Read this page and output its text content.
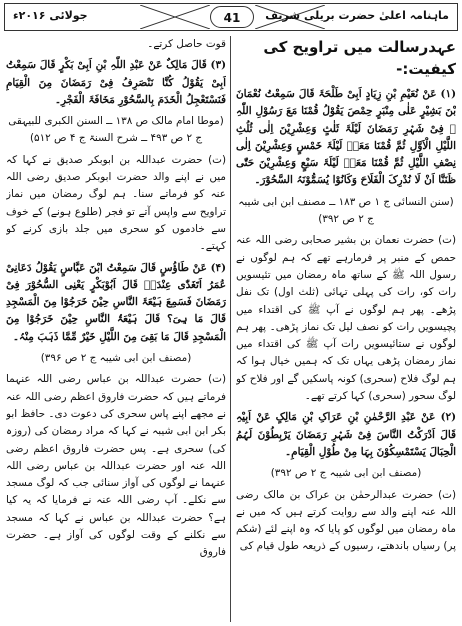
ماہنامہ اعلیٰ حضرت بریلی شریف
41
جولائی ۲۰۱۶ء
عہدرسالت میں تراویح کی کیفیت:-

(۱) عَنْ نُعَیْمِ بْنِ زِیَادٍ اَبِیْ طَلْحَۃَ قَالَ سَمِعْتُ نُعْمَانَ بْنَ بَشِیْرٍ عَلٰی مِنْبَرٍ حِمْصَ یَقُوْلُ قُمْنَا مَعَ رَسُوْلِ اللّٰہِ ﷺ فِیْ شَہْرِ رَمَضَانَ لَیْلَۃَ ثَلٰثٍ وَعِشْرِیْنَ اِلٰی ثُلُثِ اللَّیْلِ الْاَوَّلِ ثُمَّ قُمْنَا مَعَہٗ لَیْلَۃَ خَمْسٍ وَعِشْرِیْنَ اِلٰی نِصْفِ اللَّیْلِ ثُمَّ قُمْنَا مَعَہٗ لَیْلَۃَ سَبْعٍ وَعِشْرِیْنَ حَتّٰی ظَنَنَّا اَنْ لَا نُدْرِکَ الْفَلَاحَ وَکَانُوْا یُسَمُّوْنَہُ السَّحُوْرَ۔

(سنن النسائی ج ۱ ص ۱۸۳ ــ مصنف ابن ابی شیبہ ج ۲ ص ۳۹۲)

(ت) حضرت نعمان بن بشیر صحابی رضی اللہ عنہ حمص کے منبر پر فرمارہے تھے کہ ہم لوگوں نے رسول اللہ ﷺ کے ساتھ ماہ رمضان میں تئیسویں رات کو، رات کی پہلی تہائی (ثلث اول) تک نفل پڑھے۔ پھر ہم لوگوں نے آپ ﷺ کی اقتداء میں پچیسویں رات کو نصف لیل تک نماز پڑھی۔ پھر ہم لوگوں نے ستائیسویں رات آپ ﷺ کی اقتداء میں نماز رمضان پڑھی یہاں تک کہ ہمیں خیال ہوا کہ ہم لوگ فلاح (سحری) کونہ پاسکیں گے اور فلاح کو لوگ سحور (سحری) کہا کرتے تھے۔

(۲) عَنْ عَبْدِ الرَّحْمٰنِ بْنِ عَرَاکِ بْنِ مَالِکٍ عَنْ اَبِیْہِ قَالَ اَدْرَکْتُ النَّاسَ فِیْ شَہْرِ رَمَضَانَ یَرْبِطُوْنَ لَہُمُ الْحِبَالَ یَسْتَمْسِکُوْنَ بِہَا مِنْ طُوْلِ الْقِیَامِ۔

(مصنف ابن ابی شیبہ ج ۲ ص ۳۹۲)

(ت) حضرت عبدالرحمٰن بن عراک بن مالک رضی اللہ عنہ اپنے والد سے روایت کرتے ہیں کہ میں نے ماہ رمضان میں لوگوں کو پایا کہ وہ اپنے لئے (شکم پر) رسیاں باندھتے، رسیوں کے ذریعہ طول قیام کی

قوت حاصل کرتے۔

(۳) قَالَ مَالِکٌ عَنْ عَبْدِ اللّٰہِ بْنِ اَبِیْ بَکْرٍ قَالَ سَمِعْتُ اَبِیْ یَقُوْلُ کُنَّا نَنْصَرِفُ فِیْ رَمَضَانَ مِنَ الْقِیَامِ فَنَسْتَعْجِلُ الْخَدَمَ بِالسَّحُوْرِ مَخَافَۃَ الْفَجْرِ۔

(موطا امام مالک ص ۱۳۸ ــ السنن الکبری للبیہقی ج ۲ ص ۴۹۳ ــ شرح السنۃ ج ۴ ص ۵۱۲)

(ت) حضرت عبداللہ بن ابوبکر صدیق نے کہا کہ میں نے اپنے والد حضرت ابوبکر صدیق رضی اللہ عنہ کو فرماتے سنا۔ ہم لوگ رمضان میں نماز تراویح سے واپس آتے تو فجر (طلوع ہونے) کے خوف سے خادموں کو سحری میں جلد بازی کرنے کو کہتے۔

(۴) عَنْ طَاؤُسٍ قَالَ سَمِعْتُ ابْنَ عَبَّاسٍ یَقُوْلُ دَعَانِیْ عُمَرُ اَتَغَدّٰی عِنْدَہٗ قَالَ اَبُوْبَکْرٍ یَعْنِی السُّحُوْرَ فِیْ رَمَضَانَ فَسَمِعَ ہَیْعَۃَ النَّاسِ حِیْنَ خَرَجُوْا مِنَ الْمَسْجِدِ قَالَ مَا ہِیَ؟ قَالَ ہَیْعَۃُ النَّاسِ حِیْنَ خَرَجُوْا مِنَ الْمَسْجِدِ قَالَ مَا بَقِیَ مِنَ اللَّیْلِ خَیْرٌ مِّمَّا ذَہَبَ مِنْہُ۔

(مصنف ابن ابی شیبہ ج ۲ ص ۳۹۶)

(ت) حضرت عبداللہ بن عباس رضی اللہ عنہما فرماتے ہیں کہ حضرت فاروق اعظم رضی اللہ عنہ نے مجھے اپنے پاس سحری کی دعوت دی۔ حافظ ابو بکر ابن ابی شیبہ نے کہا کہ مراد رمضان کی (روزہ کی) سحری ہے۔ پس حضرت فاروق اعظم رضی اللہ عنہ اور حضرت عبداللہ بن عباس رضی اللہ عنہما نے لوگوں کی آواز سنائی جب کہ لوگ مسجد سے نکلے۔ آپ رضی اللہ عنہ نے فرمایا کہ یہ کیا ہے؟ حضرت عبداللہ بن عباس نے کہا کہ مسجد سے نکلنے کے وقت لوگوں کی آواز ہے۔ حضرت فاروق
